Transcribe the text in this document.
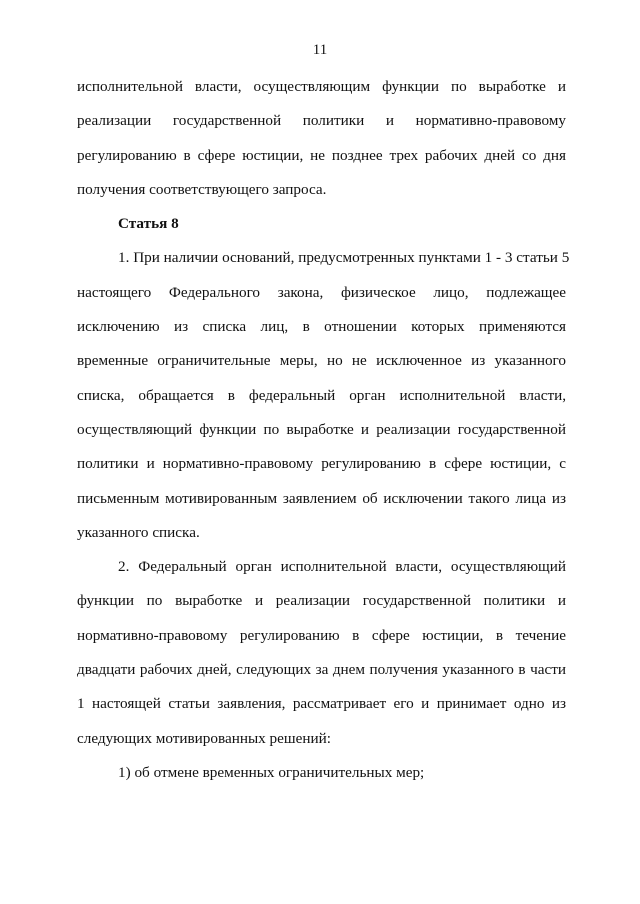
11
исполнительной власти, осуществляющим функции по выработке и
реализации государственной политики и нормативно-правовому
регулированию в сфере юстиции, не позднее трех рабочих дней со дня
получения соответствующего запроса.
Статья 8
1. При наличии оснований, предусмотренных пунктами 1 - 3 статьи 5
настоящего Федерального закона, физическое лицо, подлежащее
исключению из списка лиц, в отношении которых применяются
временные ограничительные меры, но не исключенное из указанного
списка, обращается в федеральный орган исполнительной власти,
осуществляющий функции по выработке и реализации государственной
политики и нормативно-правовому регулированию в сфере юстиции, с
письменным мотивированным заявлением об исключении такого лица из
указанного списка.
2. Федеральный орган исполнительной власти, осуществляющий
функции по выработке и реализации государственной политики и
нормативно-правовому регулированию в сфере юстиции, в течение
двадцати рабочих дней, следующих за днем получения указанного в части
1 настоящей статьи заявления, рассматривает его и принимает одно из
следующих мотивированных решений:
1) об отмене временных ограничительных мер;
